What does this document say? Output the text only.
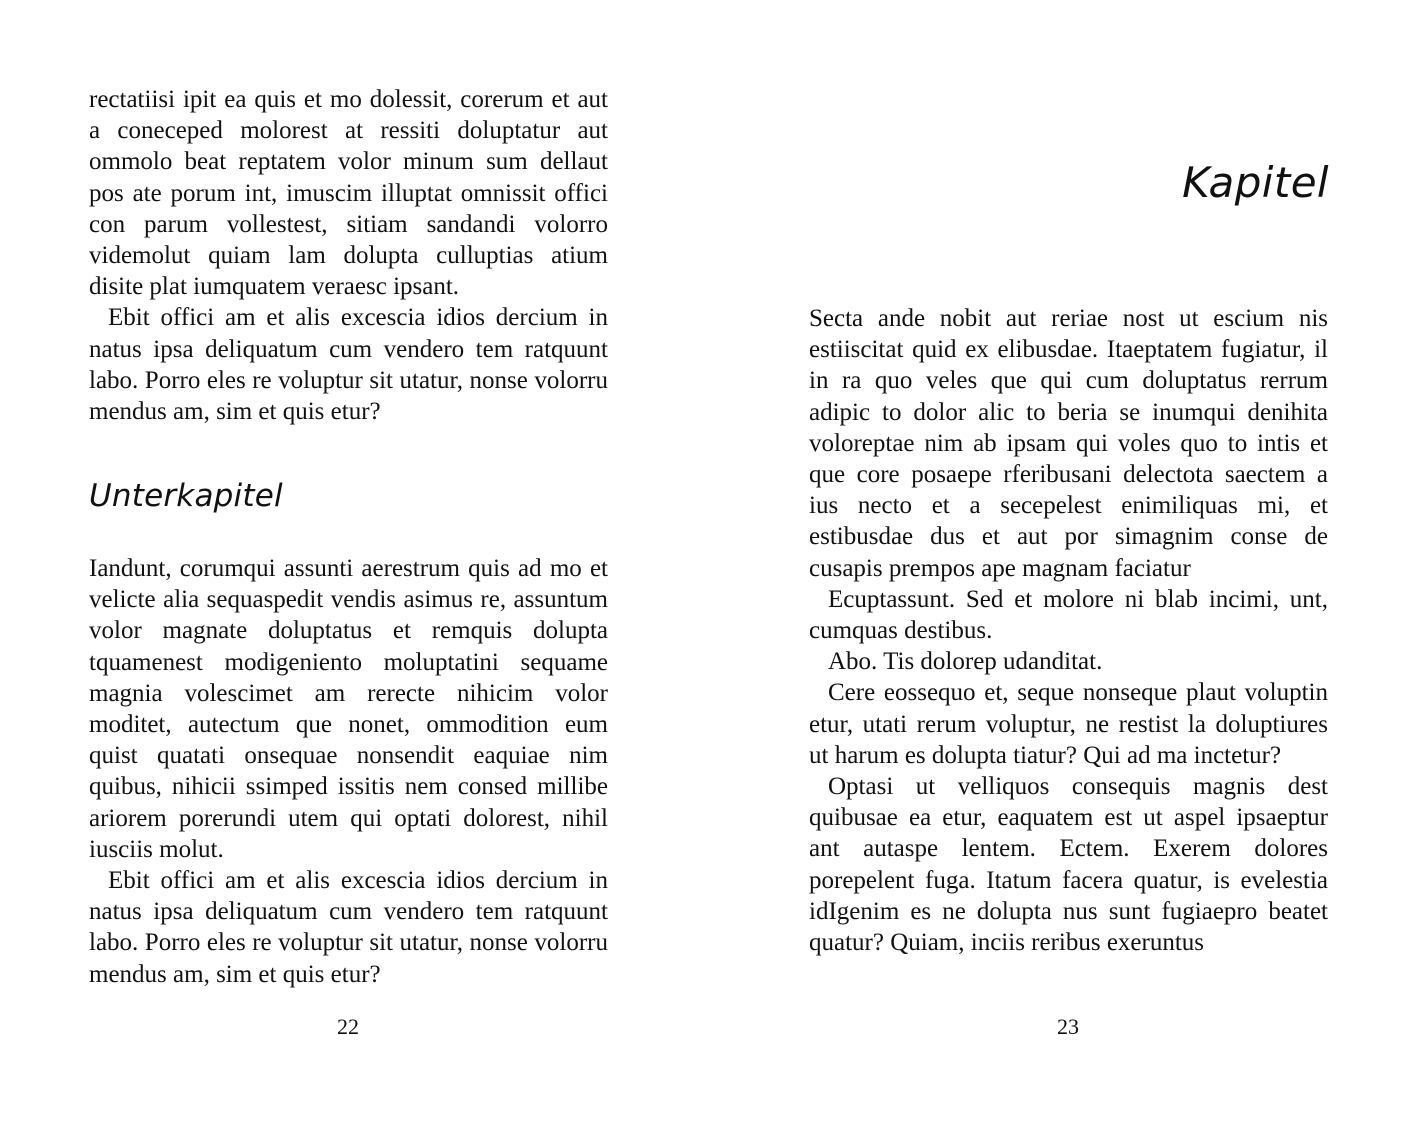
rectatiisi ipit ea quis et mo dolessit, corerum et aut a coneceped molorest at ressiti doluptatur aut ommolo beat reptatem volor minum sum dellaut pos ate porum int, imuscim illuptat omnissit offici con parum vollestest, sitiam sandandi volorro videmolut quiam lam dolupta culluptias atium disite plat iumquatem veraesc ipsant.

Ebit offici am et alis excescia idios dercium in natus ipsa deliquatum cum vendero tem ratquunt labo. Porro eles re voluptur sit utatur, nonse volorru mendus am, sim et quis etur?

Unterkapitel

Iandunt, corumqui assunti aerestrum quis ad mo et velicte alia sequaspedit vendis asimus re, assuntum volor magnate doluptatus et remquis dolupta tquamenest modigeniento moluptatini sequame magnia volescimet am rerecte nihicim volor moditet, autectum que nonet, ommodition eum quist quatati onsequae nonsendit eaquiae nim quibus, nihicii ssimped issitis nem consed millibe ariorem porerundi utem qui optati dolorest, nihil iusciis molut.

Ebit offici am et alis excescia idios dercium in natus ipsa deliquatum cum vendero tem ratquunt labo. Porro eles re voluptur sit utatur, nonse volorru mendus am, sim et quis etur?

22
Kapitel

Secta ande nobit aut reriae nost ut escium nis estiiscitat quid ex elibusdae. Itaeptatem fugiatur, il in ra quo veles que qui cum doluptatus rerrum adipic to dolor alic to beria se inumqui denihita voloreptae nim ab ipsam qui voles quo to intis et que core posaepe rferibusani delectota saectem a ius necto et a secepelest enimiliquas mi, et estibusdae dus et aut por simagnim conse de cusapis prempos ape magnam faciatur

Ecuptassunt. Sed et molore ni blab incimi, unt, cumquas destibus.

Abo. Tis dolorep udanditat.

Cere eossequo et, seque nonseque plaut voluptin etur, utati rerum voluptur, ne restist la doluptiures ut harum es dolupta tiatur? Qui ad ma inctetur?

Optasi ut velliquos consequis magnis dest quibusae ea etur, eaquatem est ut aspel ipsaeptur ant autaspe lentem. Ectem. Exerem dolores porepelent fuga. Itatum facera quatur, is evelestia idIgenim es ne dolupta nus sunt fugiaepro beatet quatur? Quiam, inciis reribus exeruntus

23
